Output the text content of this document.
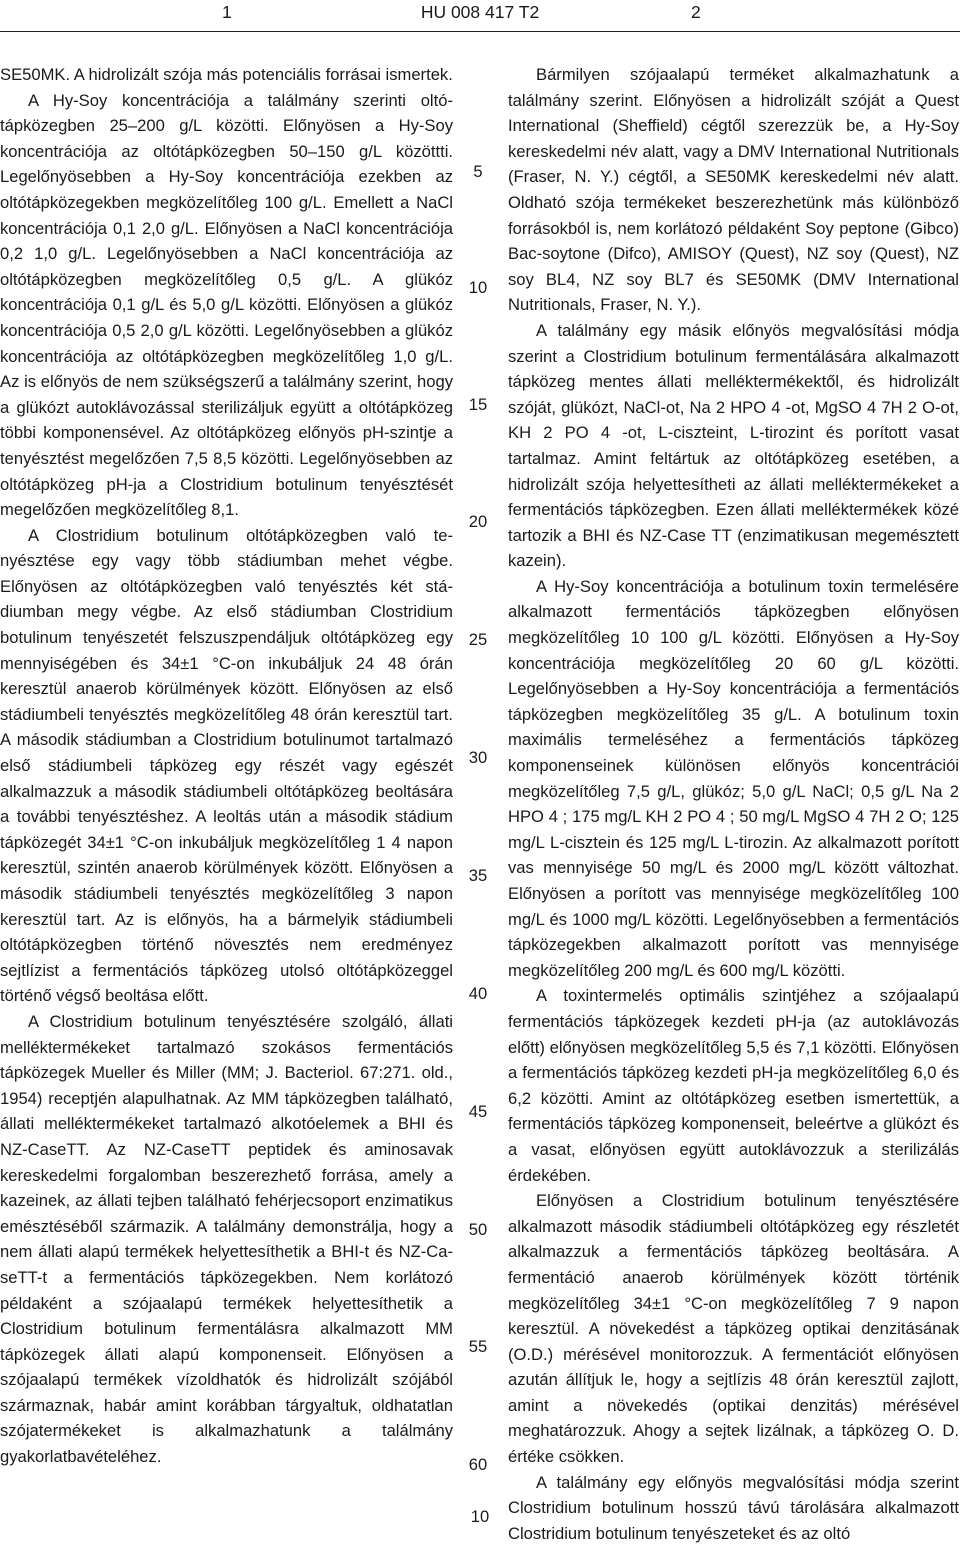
1	HU 008 417 T2	2

SE50MK. A hidrolizált szója más potenciális forrásai ismertek.

A Hy-Soy koncentrációja a találmány szerinti oltótápközegben 25–200 g/L közötti. Előnyösen a Hy-Soy koncentrációja az oltótápközegben 50–150 g/L közöttti. Legelőnyösebben a Hy-Soy koncentrációja ezekben az oltótápközegekben megközelítőleg 100 g/L. Emellett a NaCl koncentrációja 0,1 2,0 g/L. Előnyösen a NaCl koncentrációja 0,2 1,0 g/L. Legelőnyösebben a NaCl koncentrációja az oltótápközegben megközelítőleg 0,5 g/L. A glükóz koncentrációja 0,1 g/L és 5,0 g/L közötti. Előnyösen a glükóz koncentrációja 0,5 2,0 g/L közötti. Legelőnyösebben a glükóz koncentrációja az oltótápközegben megközelítőleg 1,0 g/L. Az is előnyös de nem szükségszerű a találmány szerint, hogy a glükózt autoklávozással sterilizáljuk együtt a oltótápközeg többi komponensével. Az oltótápközeg előnyös pH-szintje a tenyésztést megelőzően 7,5 8,5 közötti. Legelőnyösebben az oltótápközeg pH-ja a Clostridium botulinum tenyésztését megelőzően megközelítőleg 8,1.

A Clostridium botulinum oltótápközegben való tenyésztése egy vagy több stádiumban mehet végbe. Előnyösen az oltótápközegben való tenyésztés két stádiumban megy végbe. Az első stádiumban Clostridium botulinum tenyészetét felszuszpendáljuk oltótápközeg egy mennyiségében és 34±1 °C-on inkubáljuk 24 48 órán keresztül anaerob körülmények között. Előnyösen az első stádiumbeli tenyésztés megközelítőleg 48 órán keresztül tart. A második stádiumban a Clostridium botulinumot tartalmazó első stádiumbeli tápközeg egy részét vagy egészét alkalmazzuk a második stádiumbeli oltótápközeg beoltására a további tenyésztéshez. A leoltás után a második stádium tápközegét 34±1 °C-on inkubáljuk megközelítőleg 1 4 napon keresztül, szintén anaerob körülmények között. Előnyösen a második stádiumbeli tenyésztés megközelítőleg 3 napon keresztül tart. Az is előnyös, ha a bármelyik stádiumbeli oltótápközegben történő növesztés nem eredményez sejtlízist a fermentációs tápközeg utolsó oltótápközeggel történő végső beoltása előtt.

A Clostridium botulinum tenyésztésére szolgáló, állati melléktermékeket tartalmazó szokásos fermentációs tápközegek Mueller és Miller (MM; J. Bacteriol. 67:271. old., 1954) receptjén alapulhatnak. Az MM tápközegben található, állati melléktermékeket tartalmazó alkotóelemek a BHI és NZ-CaseTT. Az NZ-CaseTT peptidek és aminosavak kereskedelmi forgalomban beszerezhető forrása, amely a kazeinek, az állati tejben található fehérjecsoport enzimatikus emésztéséből származik. A találmány demonstrálja, hogy a nem állati alapú termékek helyettesíthetik a BHI-t és NZ-CaseTT-t a fermentációs tápközegekben. Nem korlátozó példaként a szójaalapú termékek helyettesíthetik a Clostridium botulinum fermentálásra alkalmazott MM tápközegek állati alapú komponenseit. Előnyösen a szójaalapú termékek vízoldhatók és hidrolizált szójából származnak, habár amint korábban tárgyaltuk, oldhatatlan szójatermékeket is alkalmazhatunk a találmány gyakorlatbavételéhez.

5
10
15
20
25
30
35
40
45
50
55
60

Bármilyen szójaalapú terméket alkalmazhatunk a találmány szerint. Előnyösen a hidrolizált szóját a Quest International (Sheffield) cégtől szerezzük be, a Hy-Soy kereskedelmi név alatt, vagy a DMV International Nutritionals (Fraser, N. Y.) cégtől, a SE50MK kereskedelmi név alatt. Oldható szója termékeket beszerezhetünk más különböző forrásokból is, nem korlátozó példaként Soy peptone (Gibco) Bac-soytone (Difco), AMISOY (Quest), NZ soy (Quest), NZ soy BL4, NZ soy BL7 és SE50MK (DMV International Nutritionals, Fraser, N. Y.).

A találmány egy másik előnyös megvalósítási módja szerint a Clostridium botulinum fermentálására alkalmazott tápközeg mentes állati melléktermékektől, és hidrolizált szóját, glükózt, NaCl-ot, Na 2 HPO 4 -ot, MgSO 4 7H 2 O-ot, KH 2 PO 4 -ot, L-ciszteint, L-tirozint és porított vasat tartalmaz. Amint feltártuk az oltótápközeg esetében, a hidrolizált szója helyettesítheti az állati melléktermékeket a fermentációs tápközegben. Ezen állati melléktermékek közé tartozik a BHI és NZ-Case TT (enzimatikusan megemésztett kazein).

A Hy-Soy koncentrációja a botulinum toxin termelésére alkalmazott fermentációs tápközegben előnyösen megközelítőleg 10 100 g/L közötti. Előnyösen a Hy-Soy koncentrációja megközelítőleg 20 60 g/L közötti. Legelőnyösebben a Hy-Soy koncentrációja a fermentációs tápközegben megközelítőleg 35 g/L. A botulinum toxin maximális termeléséhez a fermentációs tápközeg komponenseinek különösen előnyös koncentrációi megközelítőleg 7,5 g/L, glükóz; 5,0 g/L NaCl; 0,5 g/L Na 2 HPO 4 ; 175 mg/L KH 2 PO 4 ; 50 mg/L MgSO 4 7H 2 O; 125 mg/L L-cisztein és 125 mg/L L-tirozin. Az alkalmazott porított vas mennyisége 50 mg/L és 2000 mg/L között változhat. Előnyösen a porított vas mennyisége megközelítőleg 100 mg/L és 1000 mg/L közötti. Legelőnyösebben a fermentációs tápközegekben alkalmazott porított vas mennyisége megközelítőleg 200 mg/L és 600 mg/L közötti.

A toxintermelés optimális szintjéhez a szójaalapú fermentációs tápközegek kezdeti pH-ja (az autoklávozás előtt) előnyösen megközelítőleg 5,5 és 7,1 közötti. Előnyösen a fermentációs tápközeg kezdeti pH-ja megközelítőleg 6,0 és 6,2 közötti. Amint az oltótápközeg esetben ismertettük, a fermentációs tápközeg komponenseit, beleértve a glükózt és a vasat, előnyösen együtt autoklávozzuk a sterilizálás érdekében.

Előnyösen a Clostridium botulinum tenyésztésére alkalmazott második stádiumbeli oltótápközeg egy részletét alkalmazzuk a fermentációs tápközeg beoltására. A fermentáció anaerob körülmények között történik megközelítőleg 34±1 °C-on megközelítőleg 7 9 napon keresztül. A növekedést a tápközeg optikai denzitásának (O.D.) mérésével monitorozzuk. A fermentációt előnyösen azután állítjuk le, hogy a sejtlízis 48 órán keresztül zajlott, amint a növekedés (optikai denzitás) mérésével meghatározzuk. Ahogy a sejtek lizálnak, a tápközeg O. D. értéke csökken.

A találmány egy előnyös megvalósítási módja szerint Clostridium botulinum hosszú távú tárolására alkalmazott Clostridium botulinum tenyészeteket és az oltó

10
